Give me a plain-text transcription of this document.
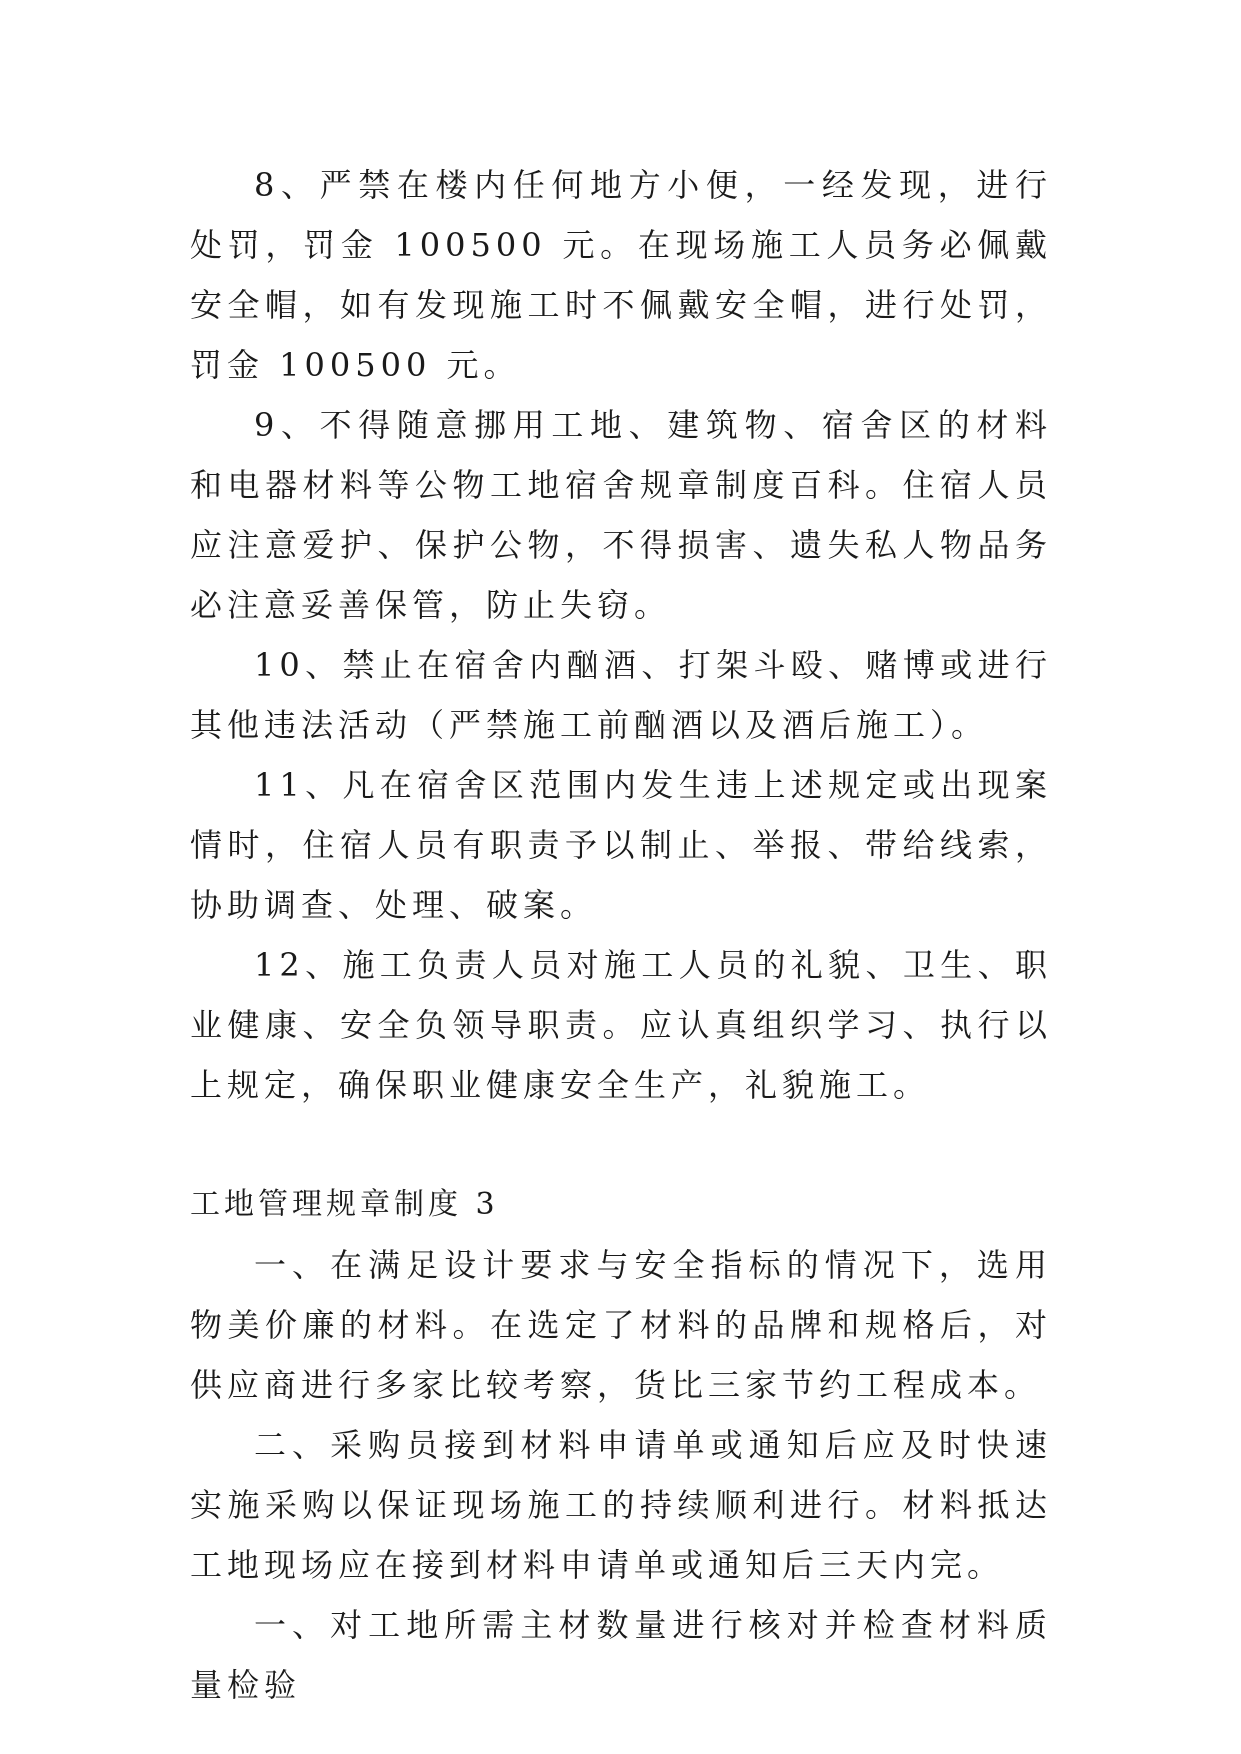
8、严禁在楼内任何地方小便，一经发现，进行处罚，罚金 100500 元。在现场施工人员务必佩戴安全帽，如有发现施工时不佩戴安全帽，进行处罚，罚金 100500 元。

9、不得随意挪用工地、建筑物、宿舍区的材料和电器材料等公物工地宿舍规章制度百科。住宿人员应注意爱护、保护公物，不得损害、遗失私人物品务必注意妥善保管，防止失窃。

10、禁止在宿舍内酗酒、打架斗殴、赌博或进行其他违法活动（严禁施工前酗酒以及酒后施工）。

11、凡在宿舍区范围内发生违上述规定或出现案情时，住宿人员有职责予以制止、举报、带给线索，协助调查、处理、破案。

12、施工负责人员对施工人员的礼貌、卫生、职业健康、安全负领导职责。应认真组织学习、执行以上规定，确保职业健康安全生产，礼貌施工。

工地管理规章制度 3

一、在满足设计要求与安全指标的情况下，选用物美价廉的材料。在选定了材料的品牌和规格后，对供应商进行多家比较考察，货比三家节约工程成本。

二、采购员接到材料申请单或通知后应及时快速实施采购以保证现场施工的持续顺利进行。材料抵达工地现场应在接到材料申请单或通知后三天内完。

一、对工地所需主材数量进行核对并检查材料质量检验
